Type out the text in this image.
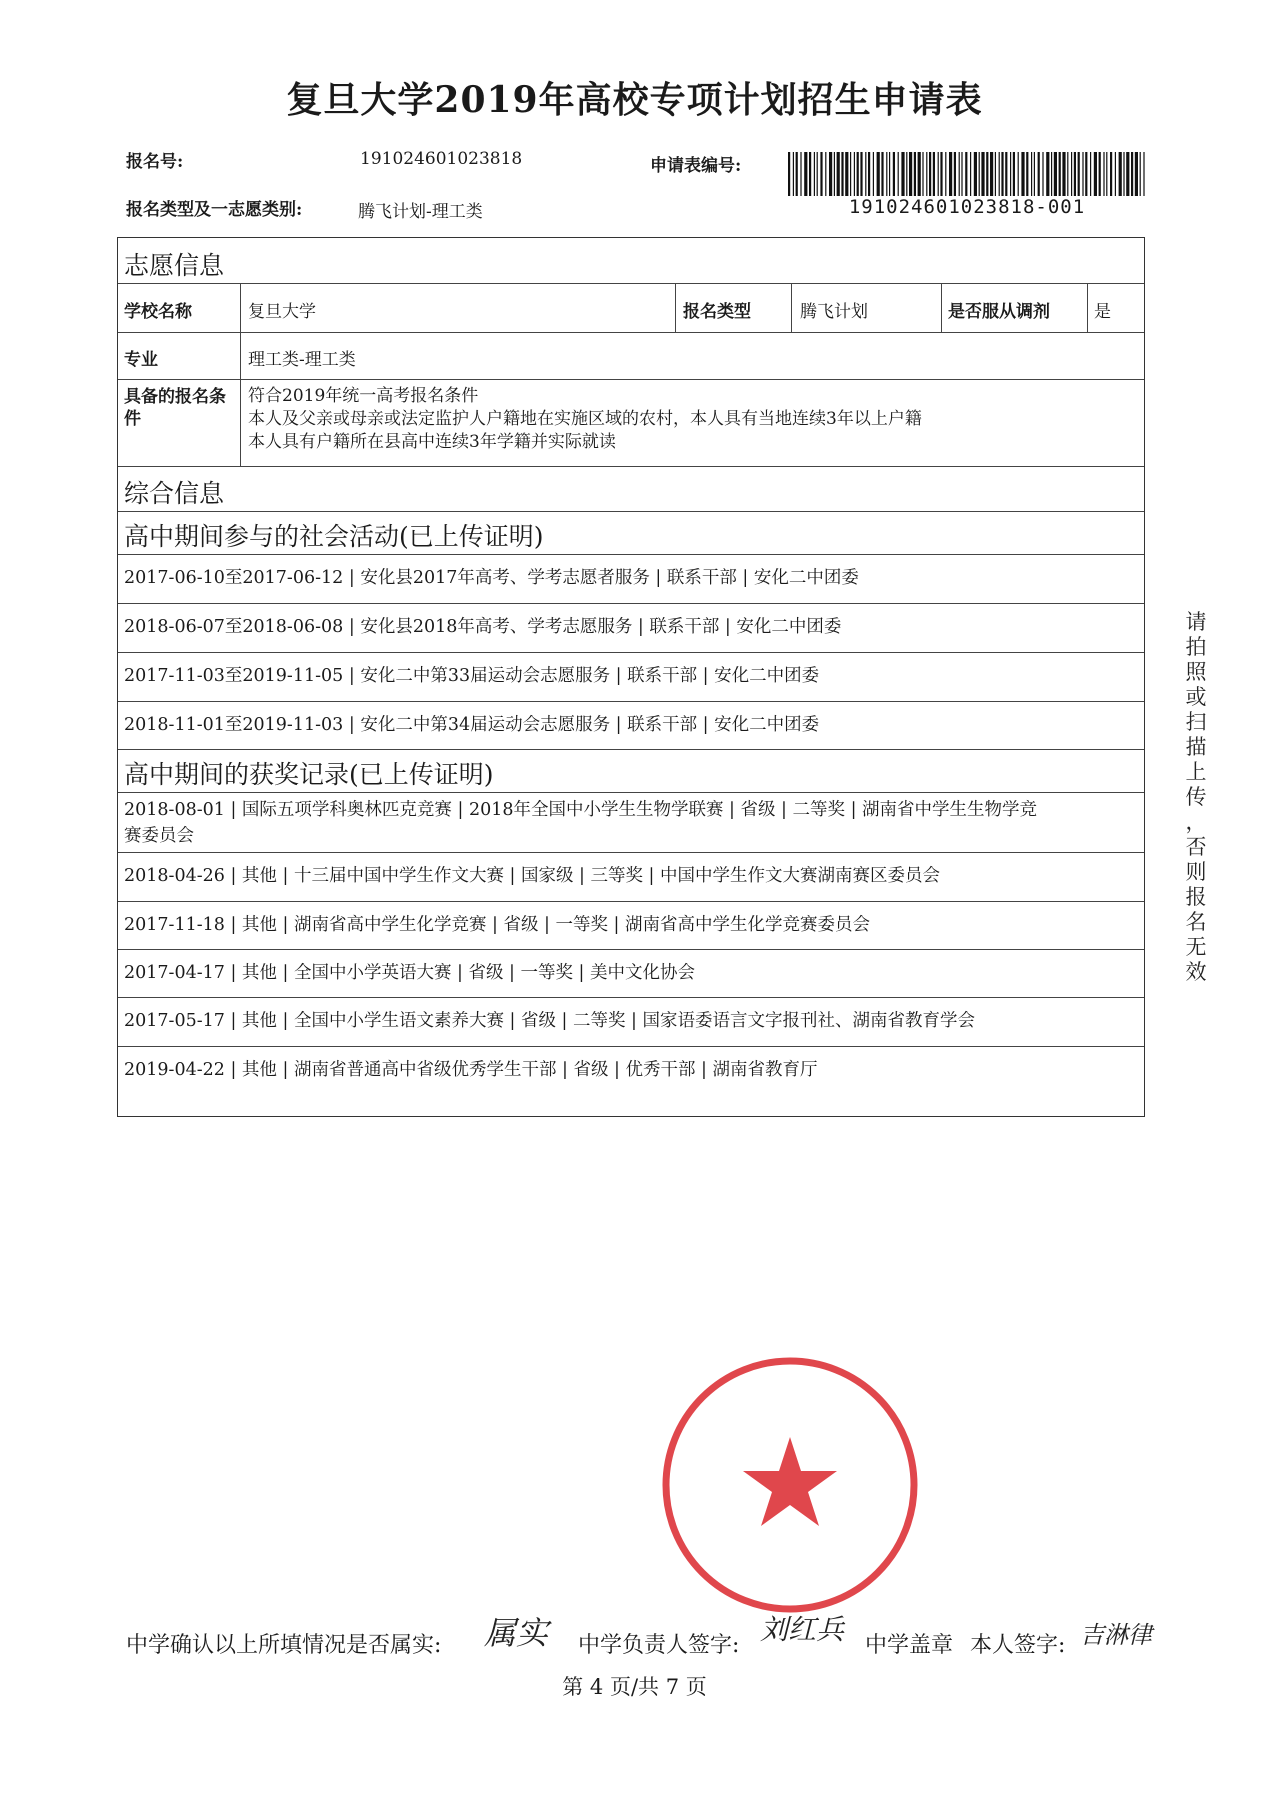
复旦大学2019年高校专项计划招生申请表
报名号:	191024601023818	申请表编号:
报名类型及一志愿类别:	腾飞计划-理工类	191024601023818-001
志愿信息
学校名称	复旦大学	报名类型	腾飞计划	是否服从调剂	是
专业	理工类-理工类
具备的报名条件
符合2019年统一高考报名条件
本人及父亲或母亲或法定监护人户籍地在实施区域的农村，本人具有当地连续3年以上户籍
本人具有户籍所在县高中连续3年学籍并实际就读
综合信息
高中期间参与的社会活动(已上传证明)
2017-06-10至2017-06-12 | 安化县2017年高考、学考志愿者服务 | 联系干部 | 安化二中团委
2018-06-07至2018-06-08 | 安化县2018年高考、学考志愿服务 | 联系干部 | 安化二中团委
2017-11-03至2019-11-05 | 安化二中第33届运动会志愿服务 | 联系干部 | 安化二中团委
2018-11-01至2019-11-03 | 安化二中第34届运动会志愿服务 | 联系干部 | 安化二中团委
高中期间的获奖记录(已上传证明)
2018-08-01 | 国际五项学科奥林匹克竞赛 | 2018年全国中小学生生物学联赛 | 省级 | 二等奖 | 湖南省中学生生物学竞
赛委员会
2018-04-26 | 其他 | 十三届中国中学生作文大赛 | 国家级 | 三等奖 | 中国中学生作文大赛湖南赛区委员会
2017-11-18 | 其他 | 湖南省高中学生化学竞赛 | 省级 | 一等奖 | 湖南省高中学生化学竞赛委员会
2017-04-17 | 其他 | 全国中小学英语大赛 | 省级 | 一等奖 | 美中文化协会
2017-05-17 | 其他 | 全国中小学生语文素养大赛 | 省级 | 二等奖 | 国家语委语言文字报刊社、湖南省教育学会
2019-04-22 | 其他 | 湖南省普通高中省级优秀学生干部 | 省级 | 优秀干部 | 湖南省教育厅
请
拍
照
或
扫
描
上
传
，
否
则
报
名
无
效
中学确认以上所填情况是否属实: 属实 中学负责人签字: 刘红兵 中学盖章 本人签字: 吉淋律
第 4 页/共 7 页
